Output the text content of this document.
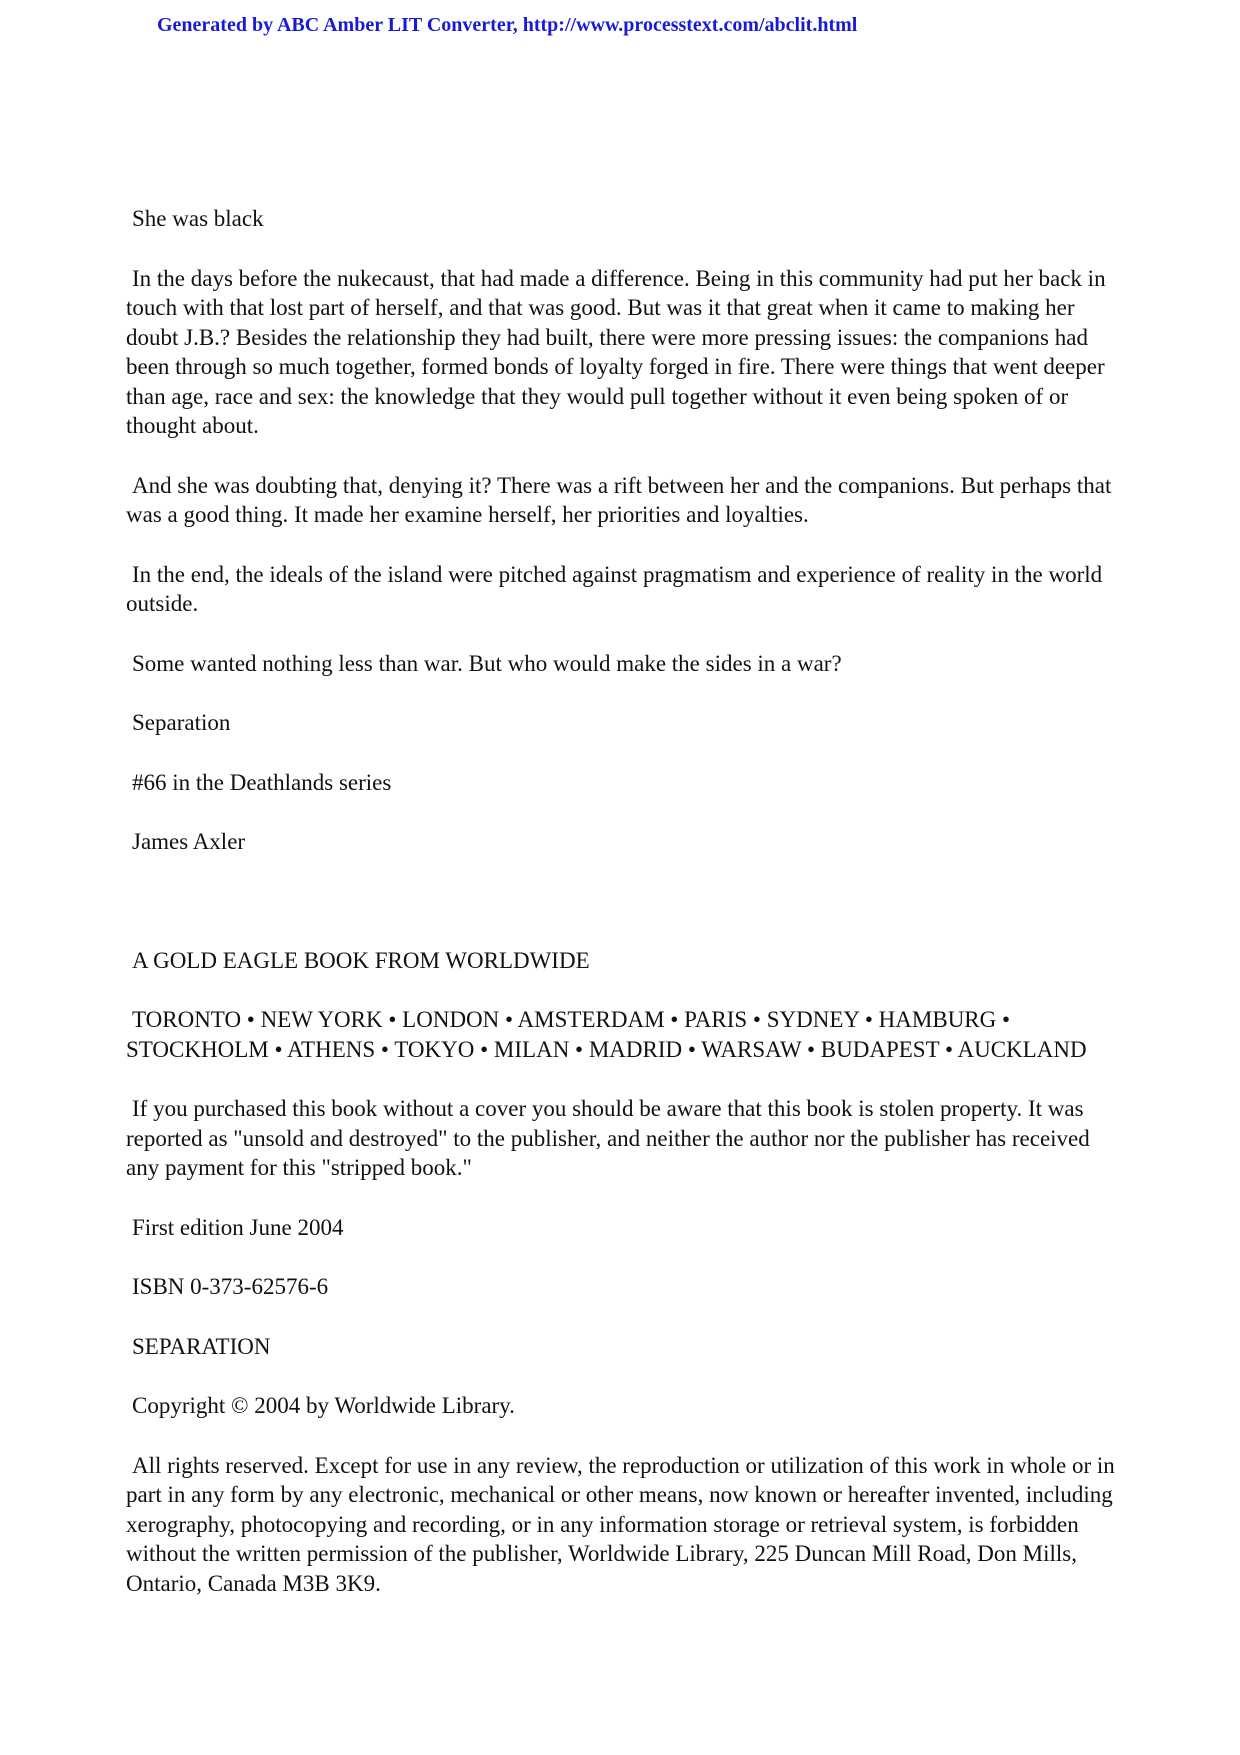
Generated by ABC Amber LIT Converter, http://www.processtext.com/abclit.html

She was black

In the days before the nukecaust, that had made a difference. Being in this community had put her back in touch with that lost part of herself, and that was good. But was it that great when it came to making her doubt J.B.? Besides the relationship they had built, there were more pressing issues: the companions had been through so much together, formed bonds of loyalty forged in fire. There were things that went deeper than age, race and sex: the knowledge that they would pull together without it even being spoken of or thought about.

And she was doubting that, denying it? There was a rift between her and the companions. But perhaps that was a good thing. It made her examine herself, her priorities and loyalties.

In the end, the ideals of the island were pitched against pragmatism and experience of reality in the world outside.

Some wanted nothing less than war. But who would make the sides in a war?

Separation

#66 in the Deathlands series

James Axler

A GOLD EAGLE BOOK FROM WORLDWIDE

TORONTO • NEW YORK • LONDON • AMSTERDAM • PARIS • SYDNEY • HAMBURG • STOCKHOLM • ATHENS • TOKYO • MILAN • MADRID • WARSAW • BUDAPEST • AUCKLAND

If you purchased this book without a cover you should be aware that this book is stolen property. It was reported as "unsold and destroyed" to the publisher, and neither the author nor the publisher has received any payment for this "stripped book."

First edition June 2004

ISBN 0-373-62576-6

SEPARATION

Copyright © 2004 by Worldwide Library.

All rights reserved. Except for use in any review, the reproduction or utilization of this work in whole or in part in any form by any electronic, mechanical or other means, now known or hereafter invented, including xerography, photocopying and recording, or in any information storage or retrieval system, is forbidden without the written permission of the publisher, Worldwide Library, 225 Duncan Mill Road, Don Mills, Ontario, Canada M3B 3K9.
